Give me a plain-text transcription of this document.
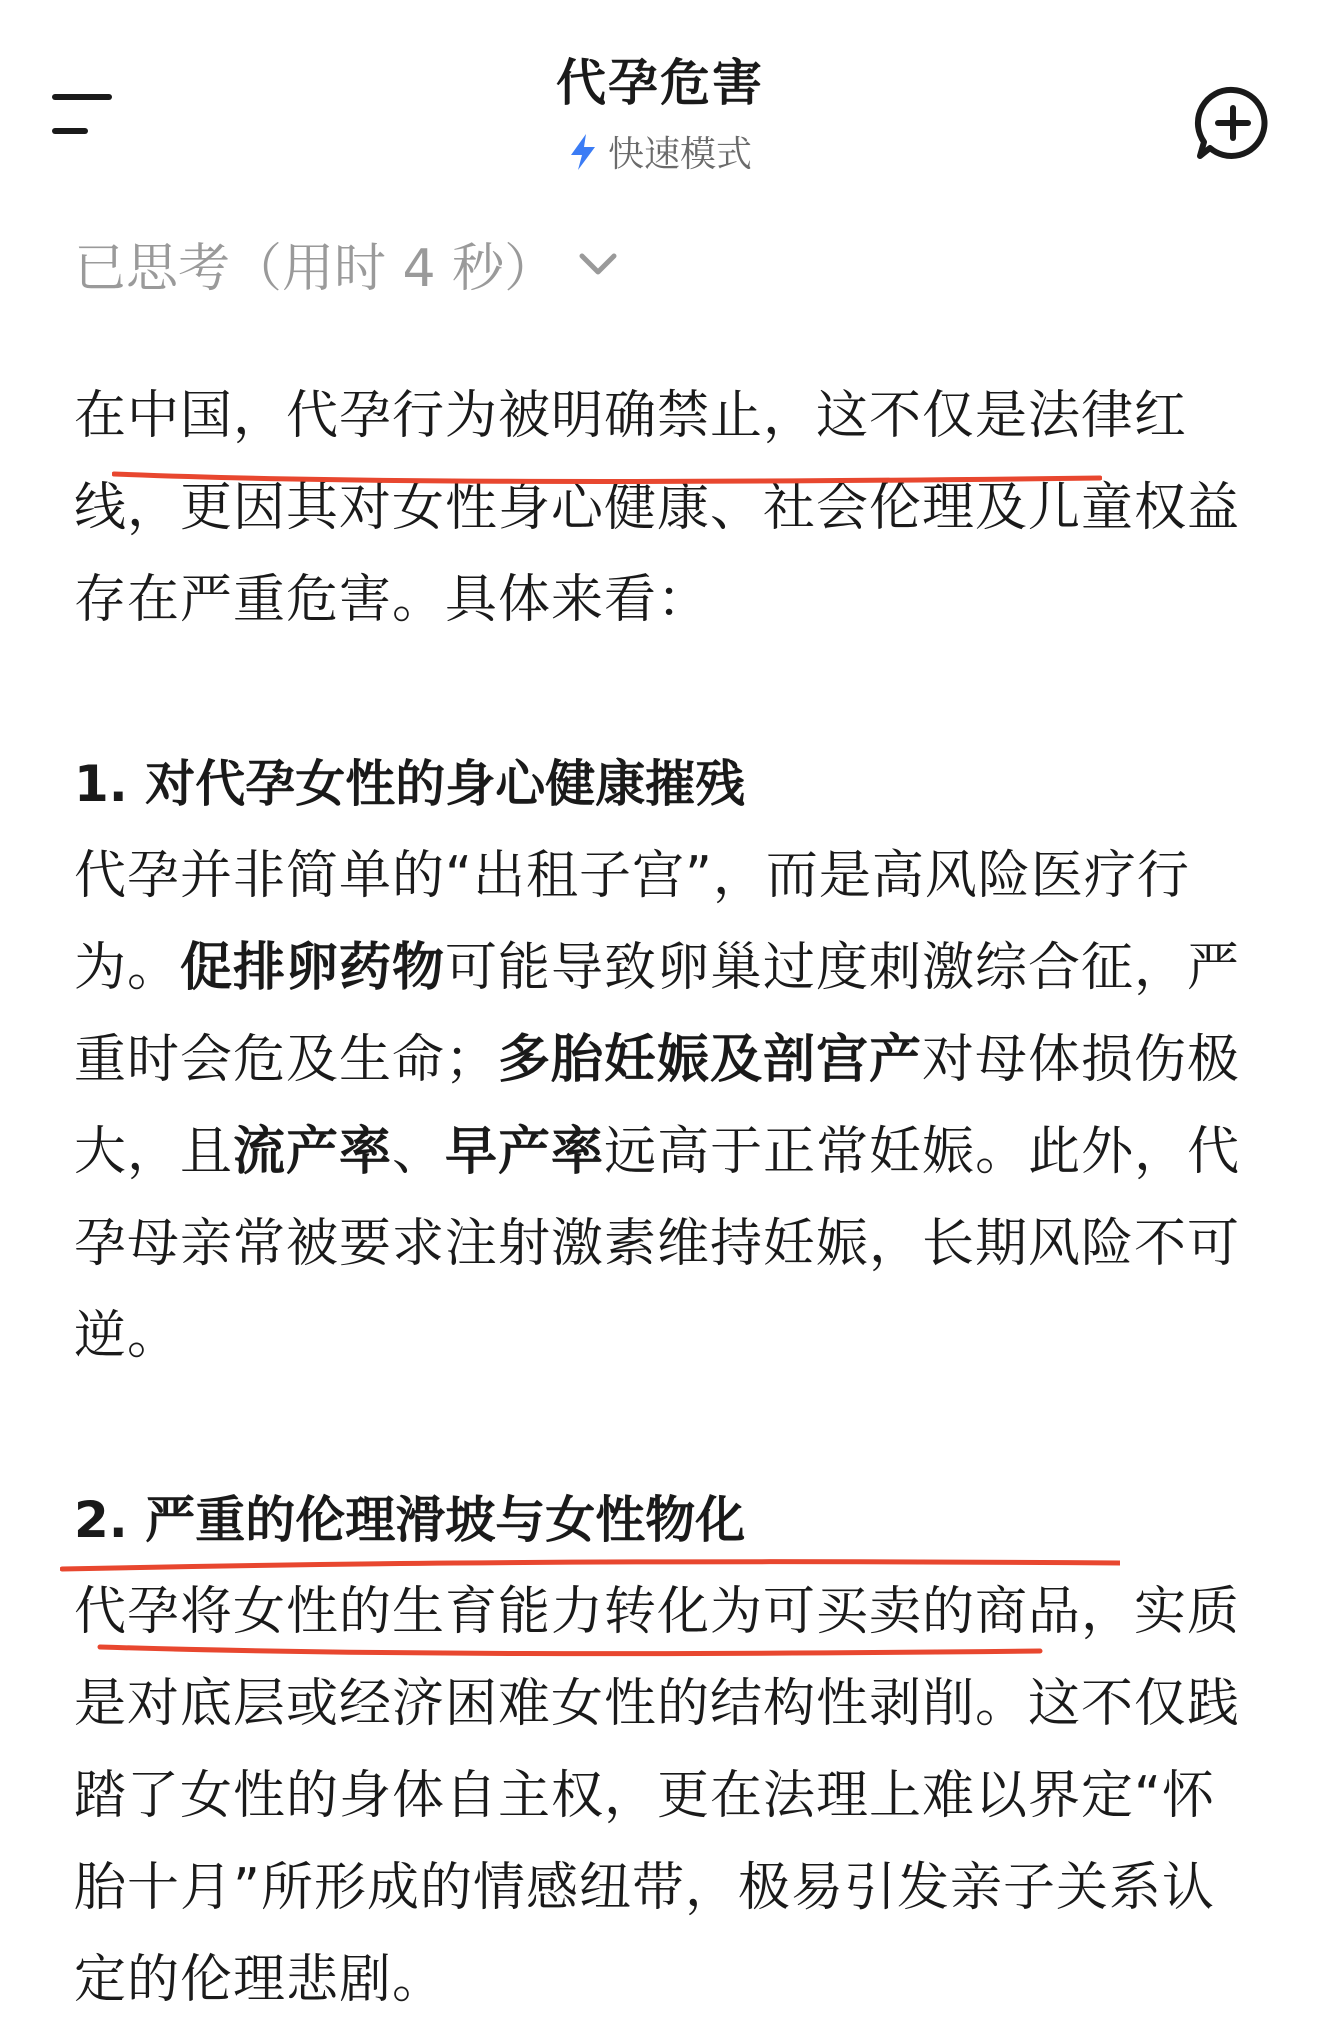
代孕危害
快速模式
已思考（用时 4 秒）

在中国，代孕行为被明确禁止，这不仅是法律红线，更因其对女性身心健康、社会伦理及儿童权益存在严重危害。具体来看：

1. 对代孕女性的身心健康摧残

代孕并非简单的“出租子宫”，而是高风险医疗行为。促排卵药物可能导致卵巢过度刺激综合征，严重时会危及生命；多胎妊娠及剖宫产对母体损伤极大，且流产率、早产率远高于正常妊娠。此外，代孕母亲常被要求注射激素维持妊娠，长期风险不可逆。

2. 严重的伦理滑坡与女性物化

代孕将女性的生育能力转化为可买卖的商品，实质是对底层或经济困难女性的结构性剥削。这不仅践踏了女性的身体自主权，更在法理上难以界定“怀胎十月”所形成的情感纽带，极易引发亲子关系认定的伦理悲剧。
